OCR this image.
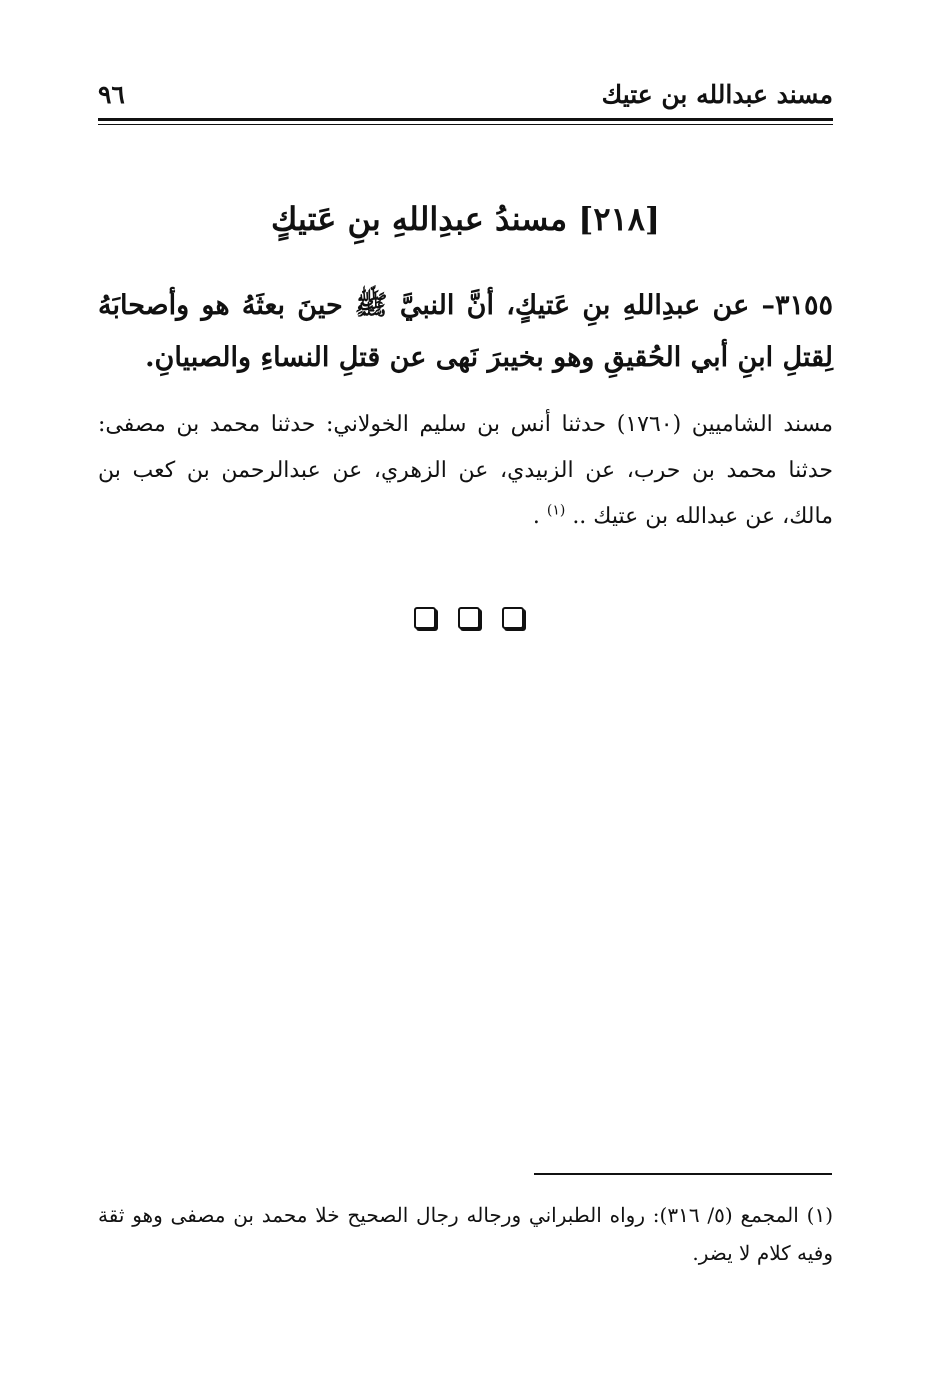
مسند عبدالله بن عتيك
٩٦
[٢١٨] مسندُ عبدِاللهِ بنِ عَتيكٍ
٣١٥٥– عن عبدِاللهِ بنِ عَتيكٍ، أنَّ النبيَّ ﷺ حينَ بعثَهُ هو وأصحابَهُ لِقتلِ ابنِ أبي الحُقيقِ وهو بخيبرَ نَهى عن قتلِ النساءِ والصبيانِ.
مسند الشاميين (١٧٦٠) حدثنا أنس بن سليم الخولاني: حدثنا محمد بن مصفى: حدثنا محمد بن حرب، عن الزبيدي، عن الزهري، عن عبدالرحمن بن كعب بن مالك، عن عبدالله بن عتيك .. $^{(١)}$ .
(١) المجمع (٥/ ٣١٦): رواه الطبراني ورجاله رجال الصحيح خلا محمد بن مصفى وهو ثقة وفيه كلام لا يضر.
